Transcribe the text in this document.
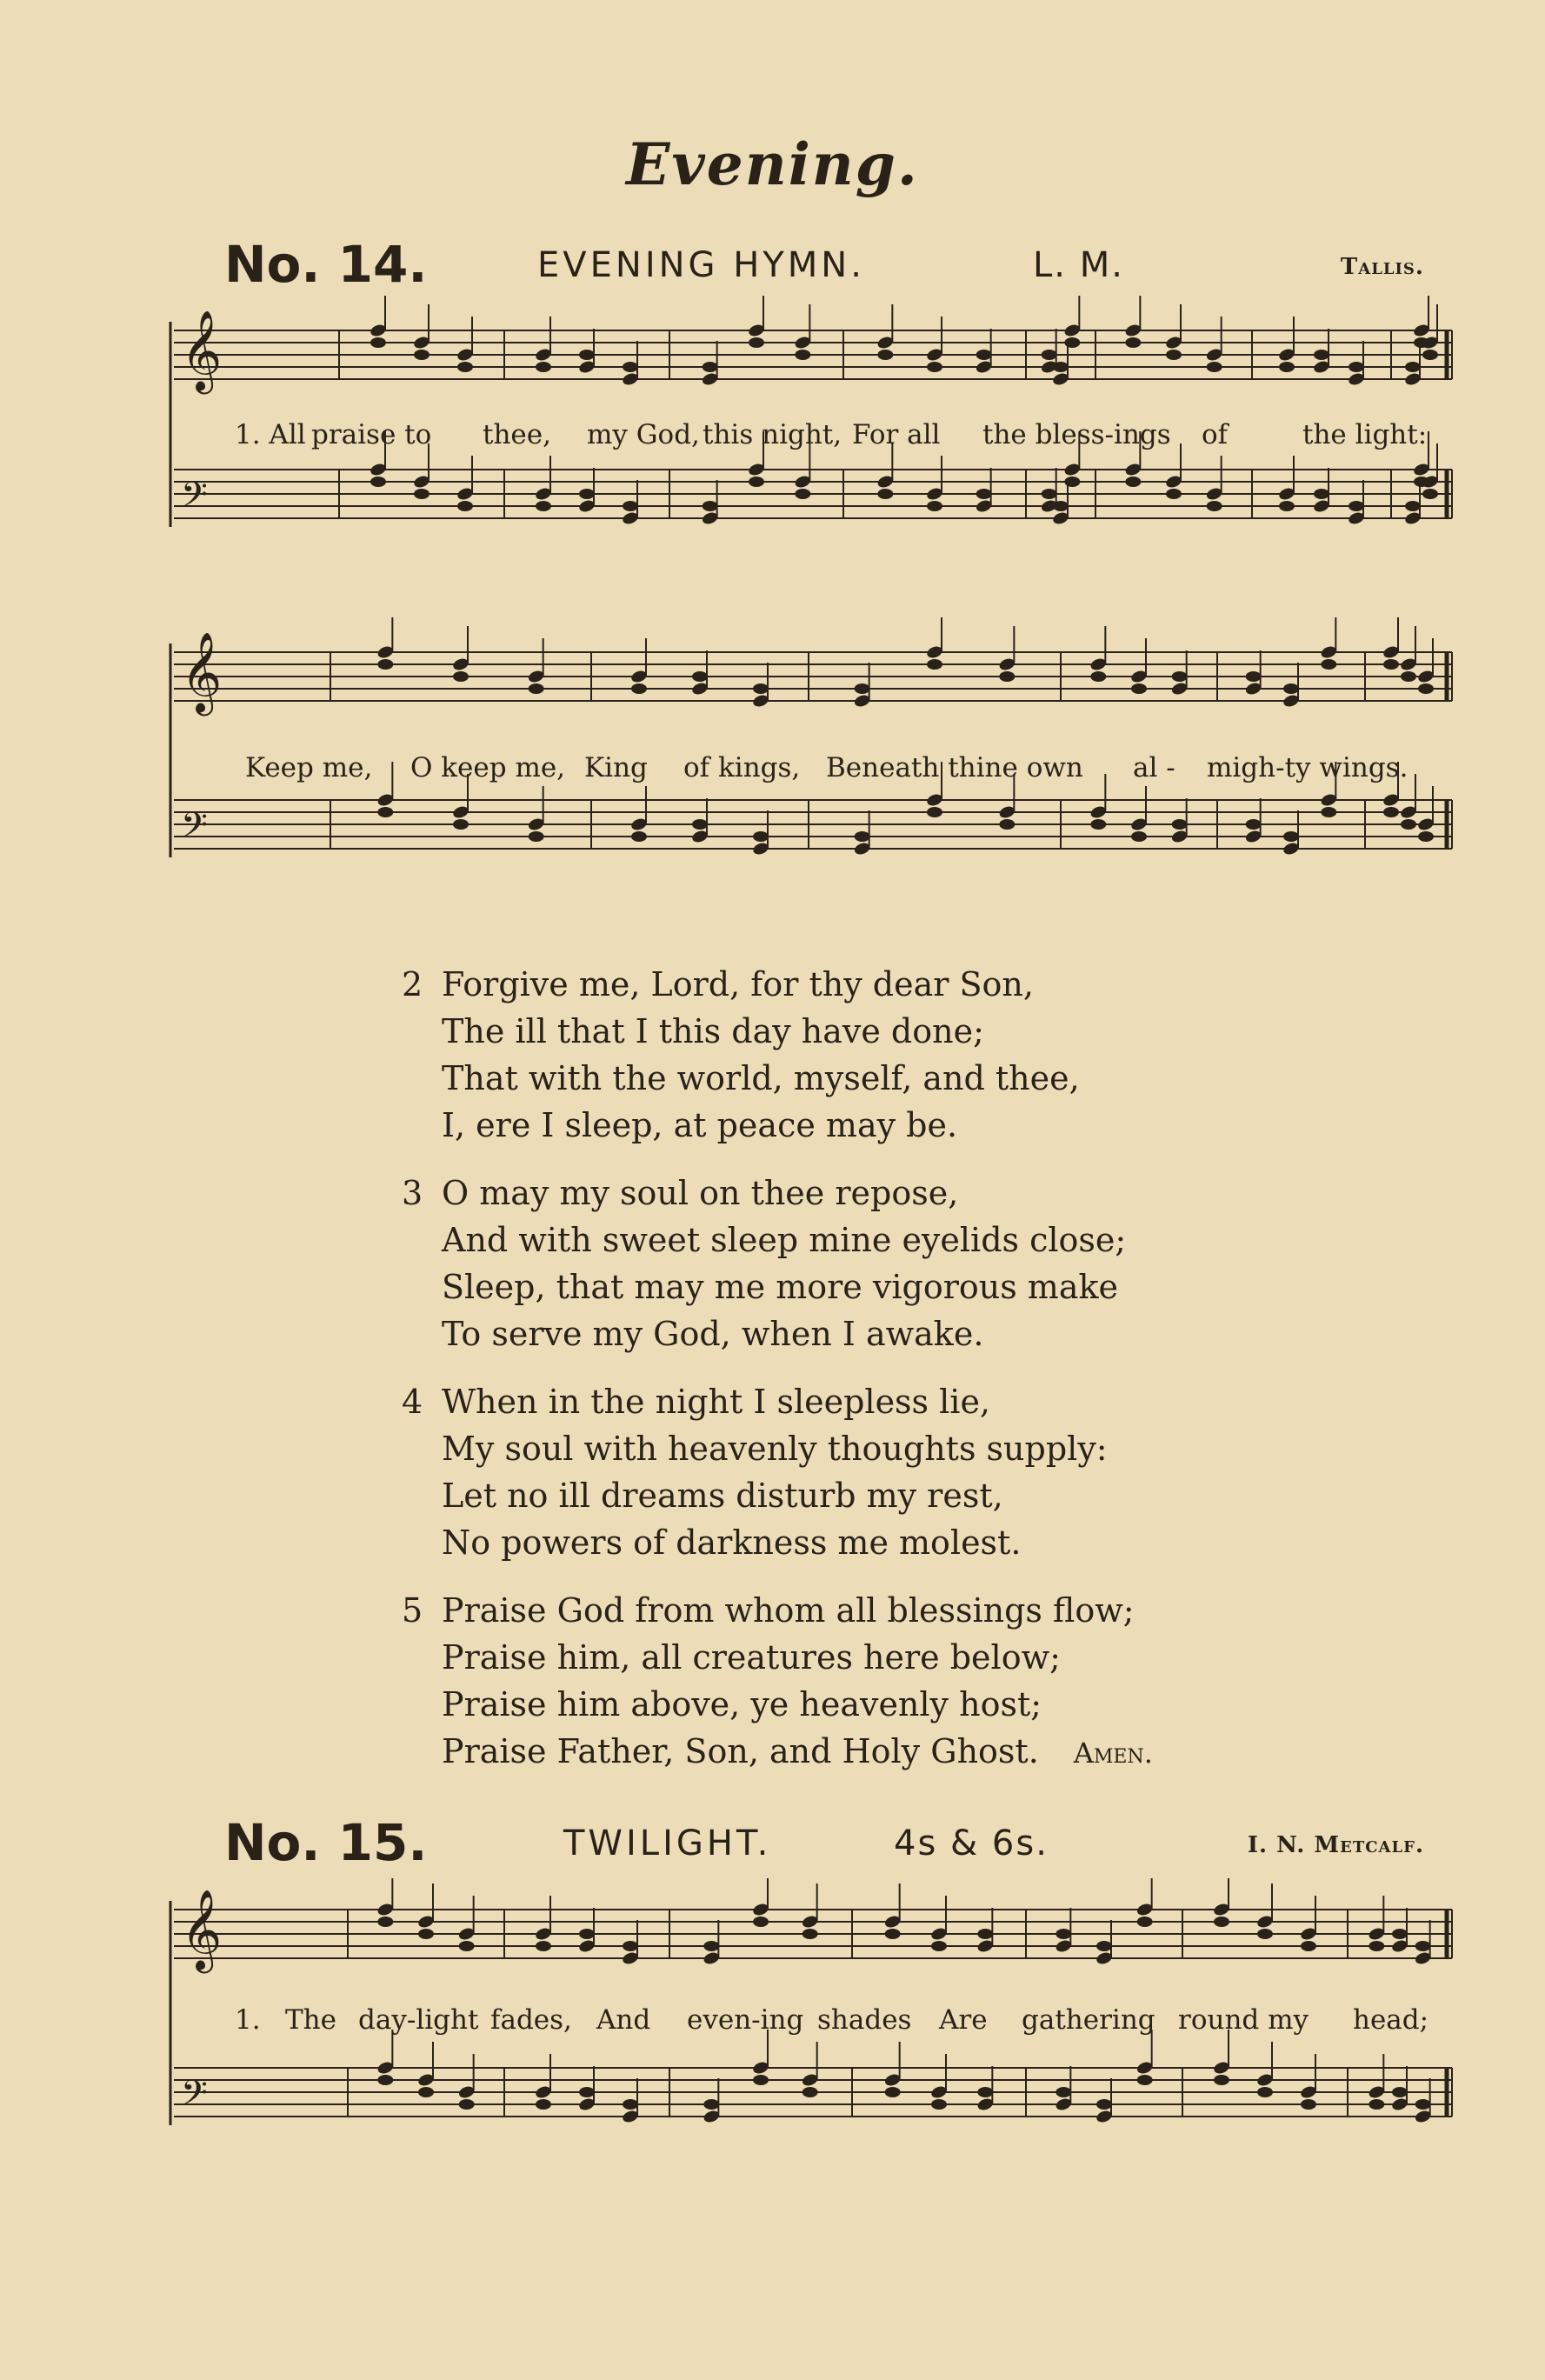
Evening.
No. 14.	EVENING HYMN.	L. M.	Tallis.
𝄞
𝄢
1. All praise to thee, my God, this night, For all the bless-ings of	the light:
𝄞
𝄢
Keep me, O keep me, King of kings, Beneath thine own al - migh-ty wings.
2 Forgive me, Lord, for thy dear Son,
The ill that I this day have done;
That with the world, myself, and thee,
I, ere I sleep, at peace may be.
3 O may my soul on thee repose,
And with sweet sleep mine eyelids close;
Sleep, that may me more vigorous make
To serve my God, when I awake.
4 When in the night I sleepless lie,
My soul with heavenly thoughts supply:
Let no ill dreams disturb my rest,
No powers of darkness me molest.
5 Praise God from whom all blessings flow;
Praise him, all creatures here below;
Praise him above, ye heavenly host;
Praise Father, Son, and Holy Ghost. Amen.
No. 15.	TWILIGHT.	4s & 6s.	I. N. Metcalf.
𝄞
𝄢
1. The day-light fades, And even-ing shades Are gathering round my head;
